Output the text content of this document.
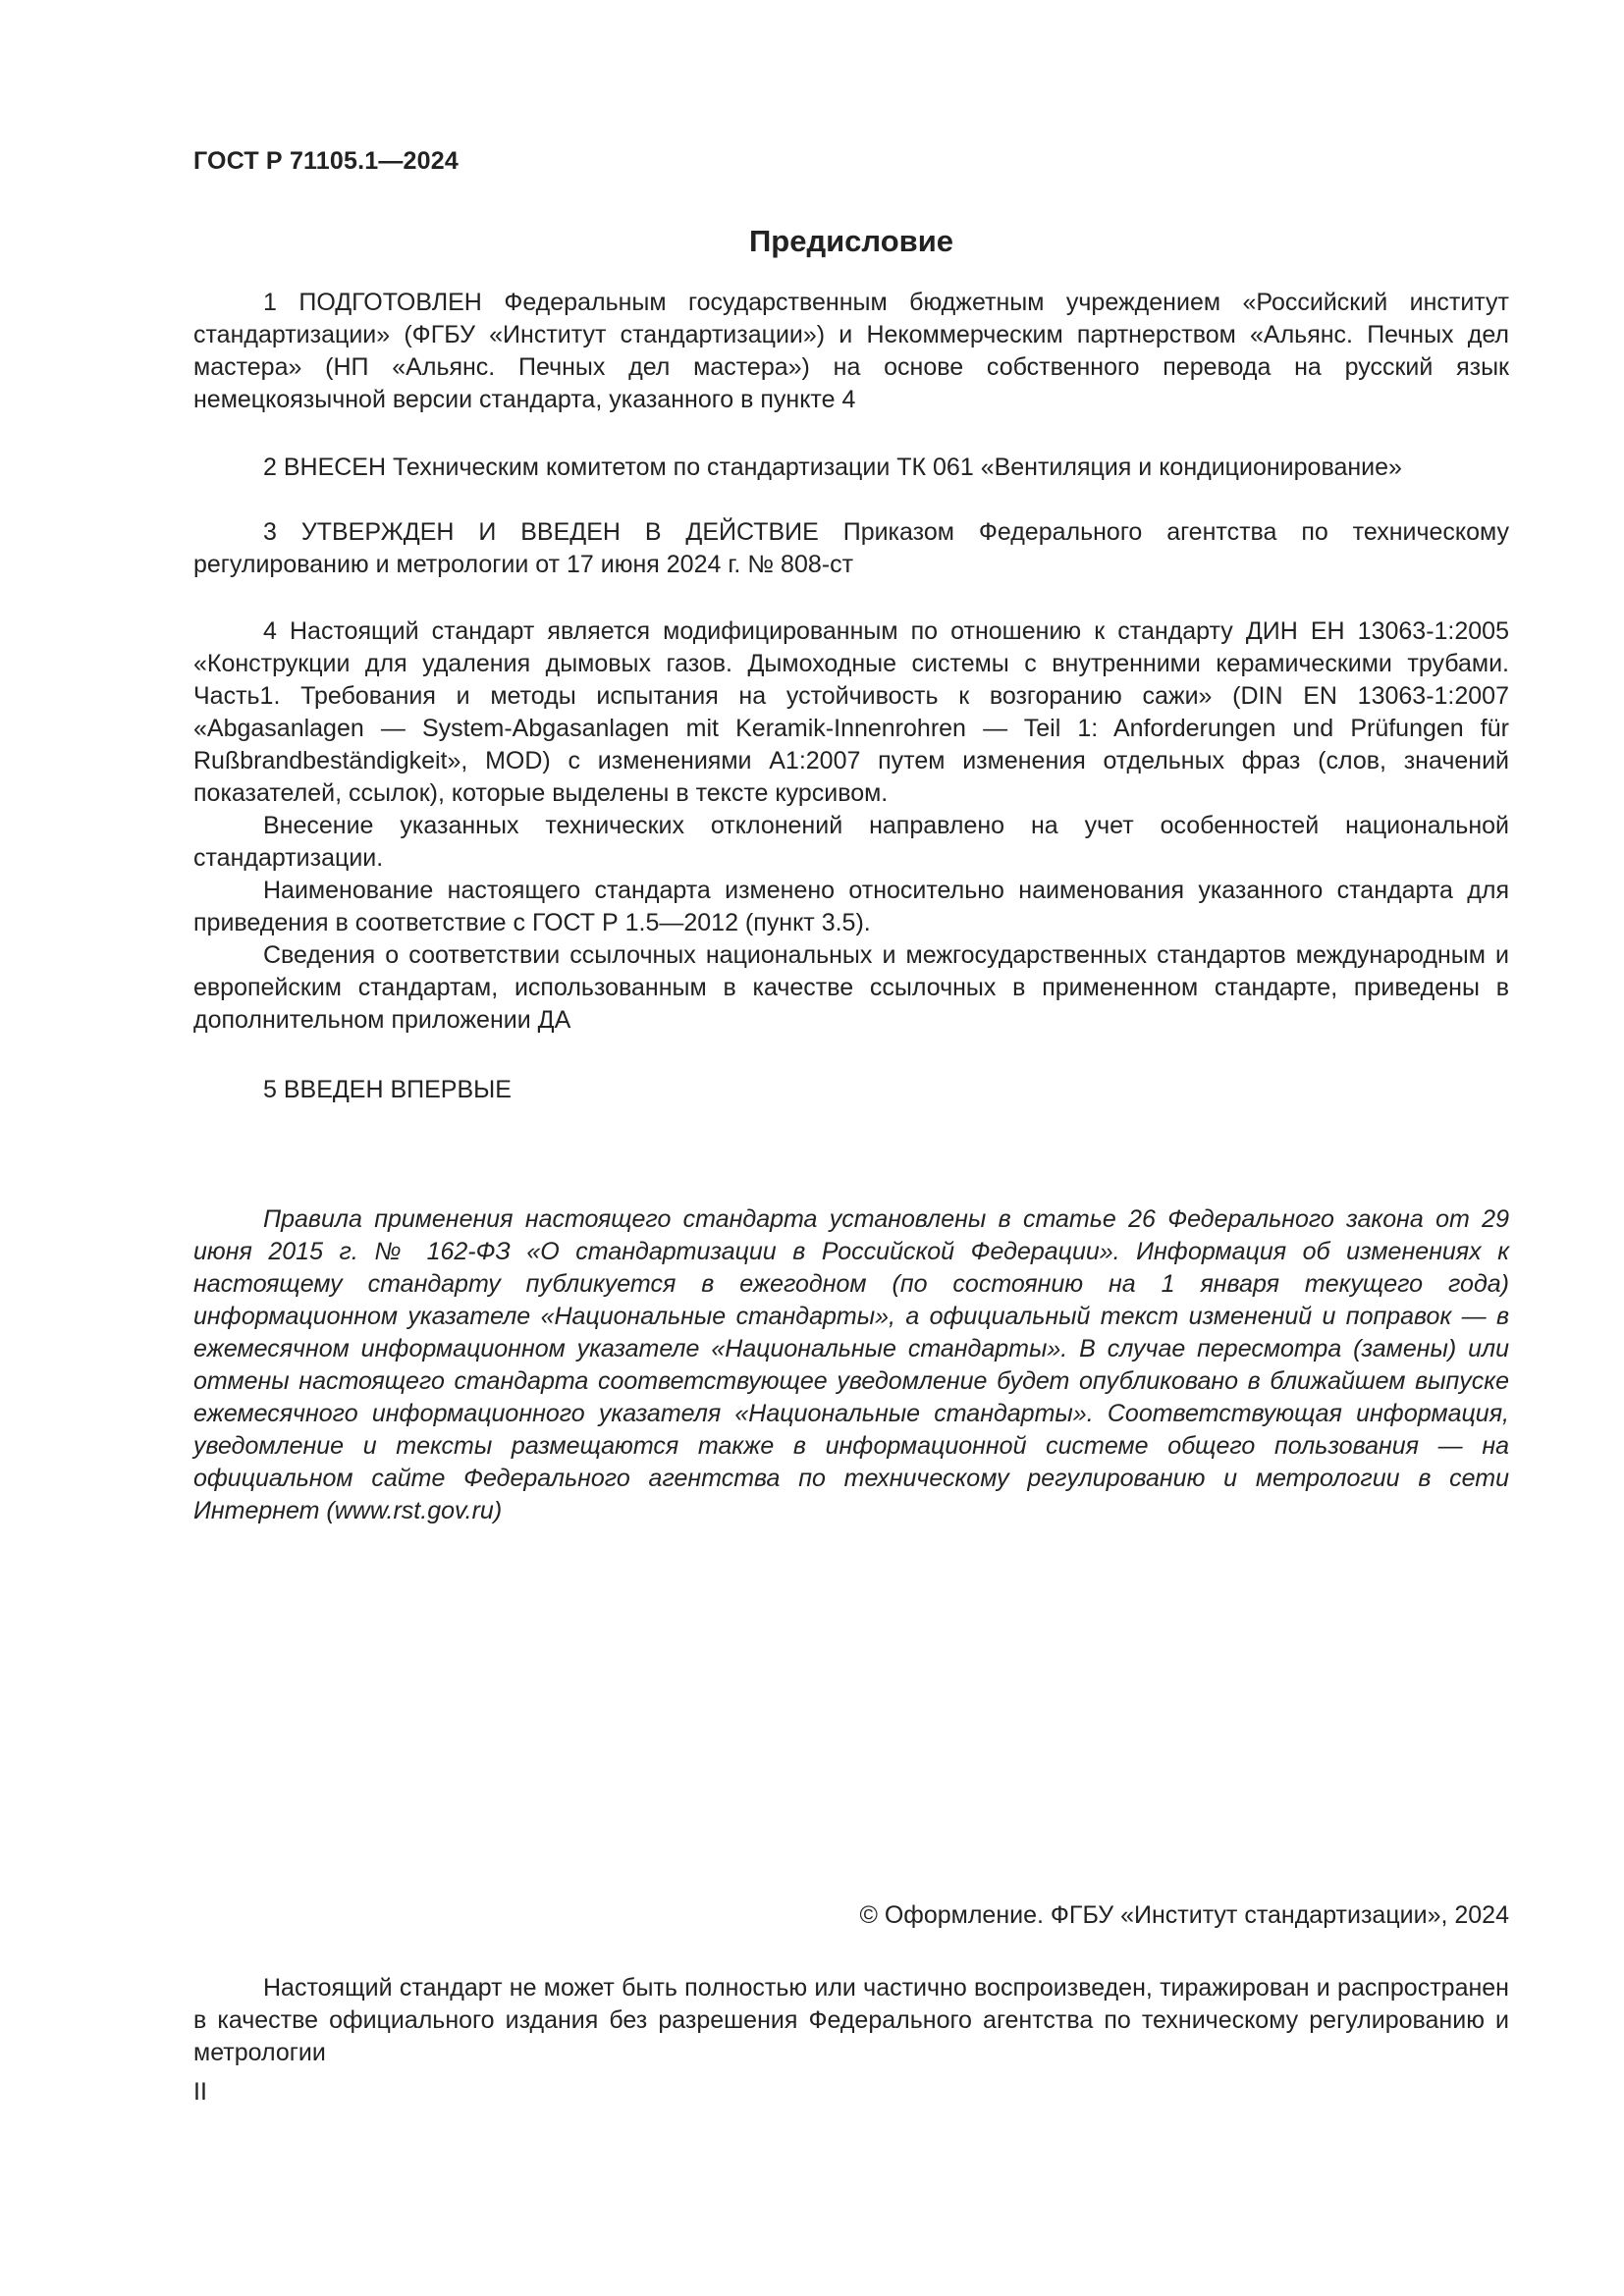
ГОСТ Р 71105.1—2024
Предисловие

1 ПОДГОТОВЛЕН Федеральным государственным бюджетным учреждением «Российский институт стандартизации» (ФГБУ «Институт стандартизации») и Некоммерческим партнерством «Альянс. Печных дел мастера» (НП «Альянс. Печных дел мастера») на основе собственного перевода на русский язык немецкоязычной версии стандарта, указанного в пункте 4

2 ВНЕСЕН Техническим комитетом по стандартизации ТК 061 «Вентиляция и кондиционирование»

3 УТВЕРЖДЕН И ВВЕДЕН В ДЕЙСТВИЕ Приказом Федерального агентства по техническому регулированию и метрологии от 17 июня 2024 г. № 808-ст

4 Настоящий стандарт является модифицированным по отношению к стандарту ДИН ЕН 13063-1:2005 «Конструкции для удаления дымовых газов. Дымоходные системы с внутренними керамическими трубами. Часть1. Требования и методы испытания на устойчивость к возгоранию сажи» (DIN EN 13063-1:2007 «Abgasanlagen — System-Abgasanlagen mit Keramik-Innenrohren — Teil 1: Anforderungen und Prüfungen für Rußbrandbeständigkeit», MOD) с изменениями A1:2007 путем изменения отдельных фраз (слов, значений показателей, ссылок), которые выделены в тексте курсивом.

Внесение указанных технических отклонений направлено на учет особенностей национальной стандартизации.

Наименование настоящего стандарта изменено относительно наименования указанного стандарта для приведения в соответствие с ГОСТ Р 1.5—2012 (пункт 3.5).

Сведения о соответствии ссылочных национальных и межгосударственных стандартов международным и европейским стандартам, использованным в качестве ссылочных в примененном стандарте, приведены в дополнительном приложении ДА

5 ВВЕДЕН ВПЕРВЫЕ

Правила применения настоящего стандарта установлены в статье 26 Федерального закона от 29 июня 2015 г. № 162-ФЗ «О стандартизации в Российской Федерации». Информация об изменениях к настоящему стандарту публикуется в ежегодном (по состоянию на 1 января текущего года) информационном указателе «Национальные стандарты», а официальный текст изменений и поправок — в ежемесячном информационном указателе «Национальные стандарты». В случае пересмотра (замены) или отмены настоящего стандарта соответствующее уведомление будет опубликовано в ближайшем выпуске ежемесячного информационного указателя «Национальные стандарты». Соответствующая информация, уведомление и тексты размещаются также в информационной системе общего пользования — на официальном сайте Федерального агентства по техническому регулированию и метрологии в сети Интернет (www.rst.gov.ru)

© Оформление. ФГБУ «Институт стандартизации», 2024

Настоящий стандарт не может быть полностью или частично воспроизведен, тиражирован и распространен в качестве официального издания без разрешения Федерального агентства по техническому регулированию и метрологии

II
